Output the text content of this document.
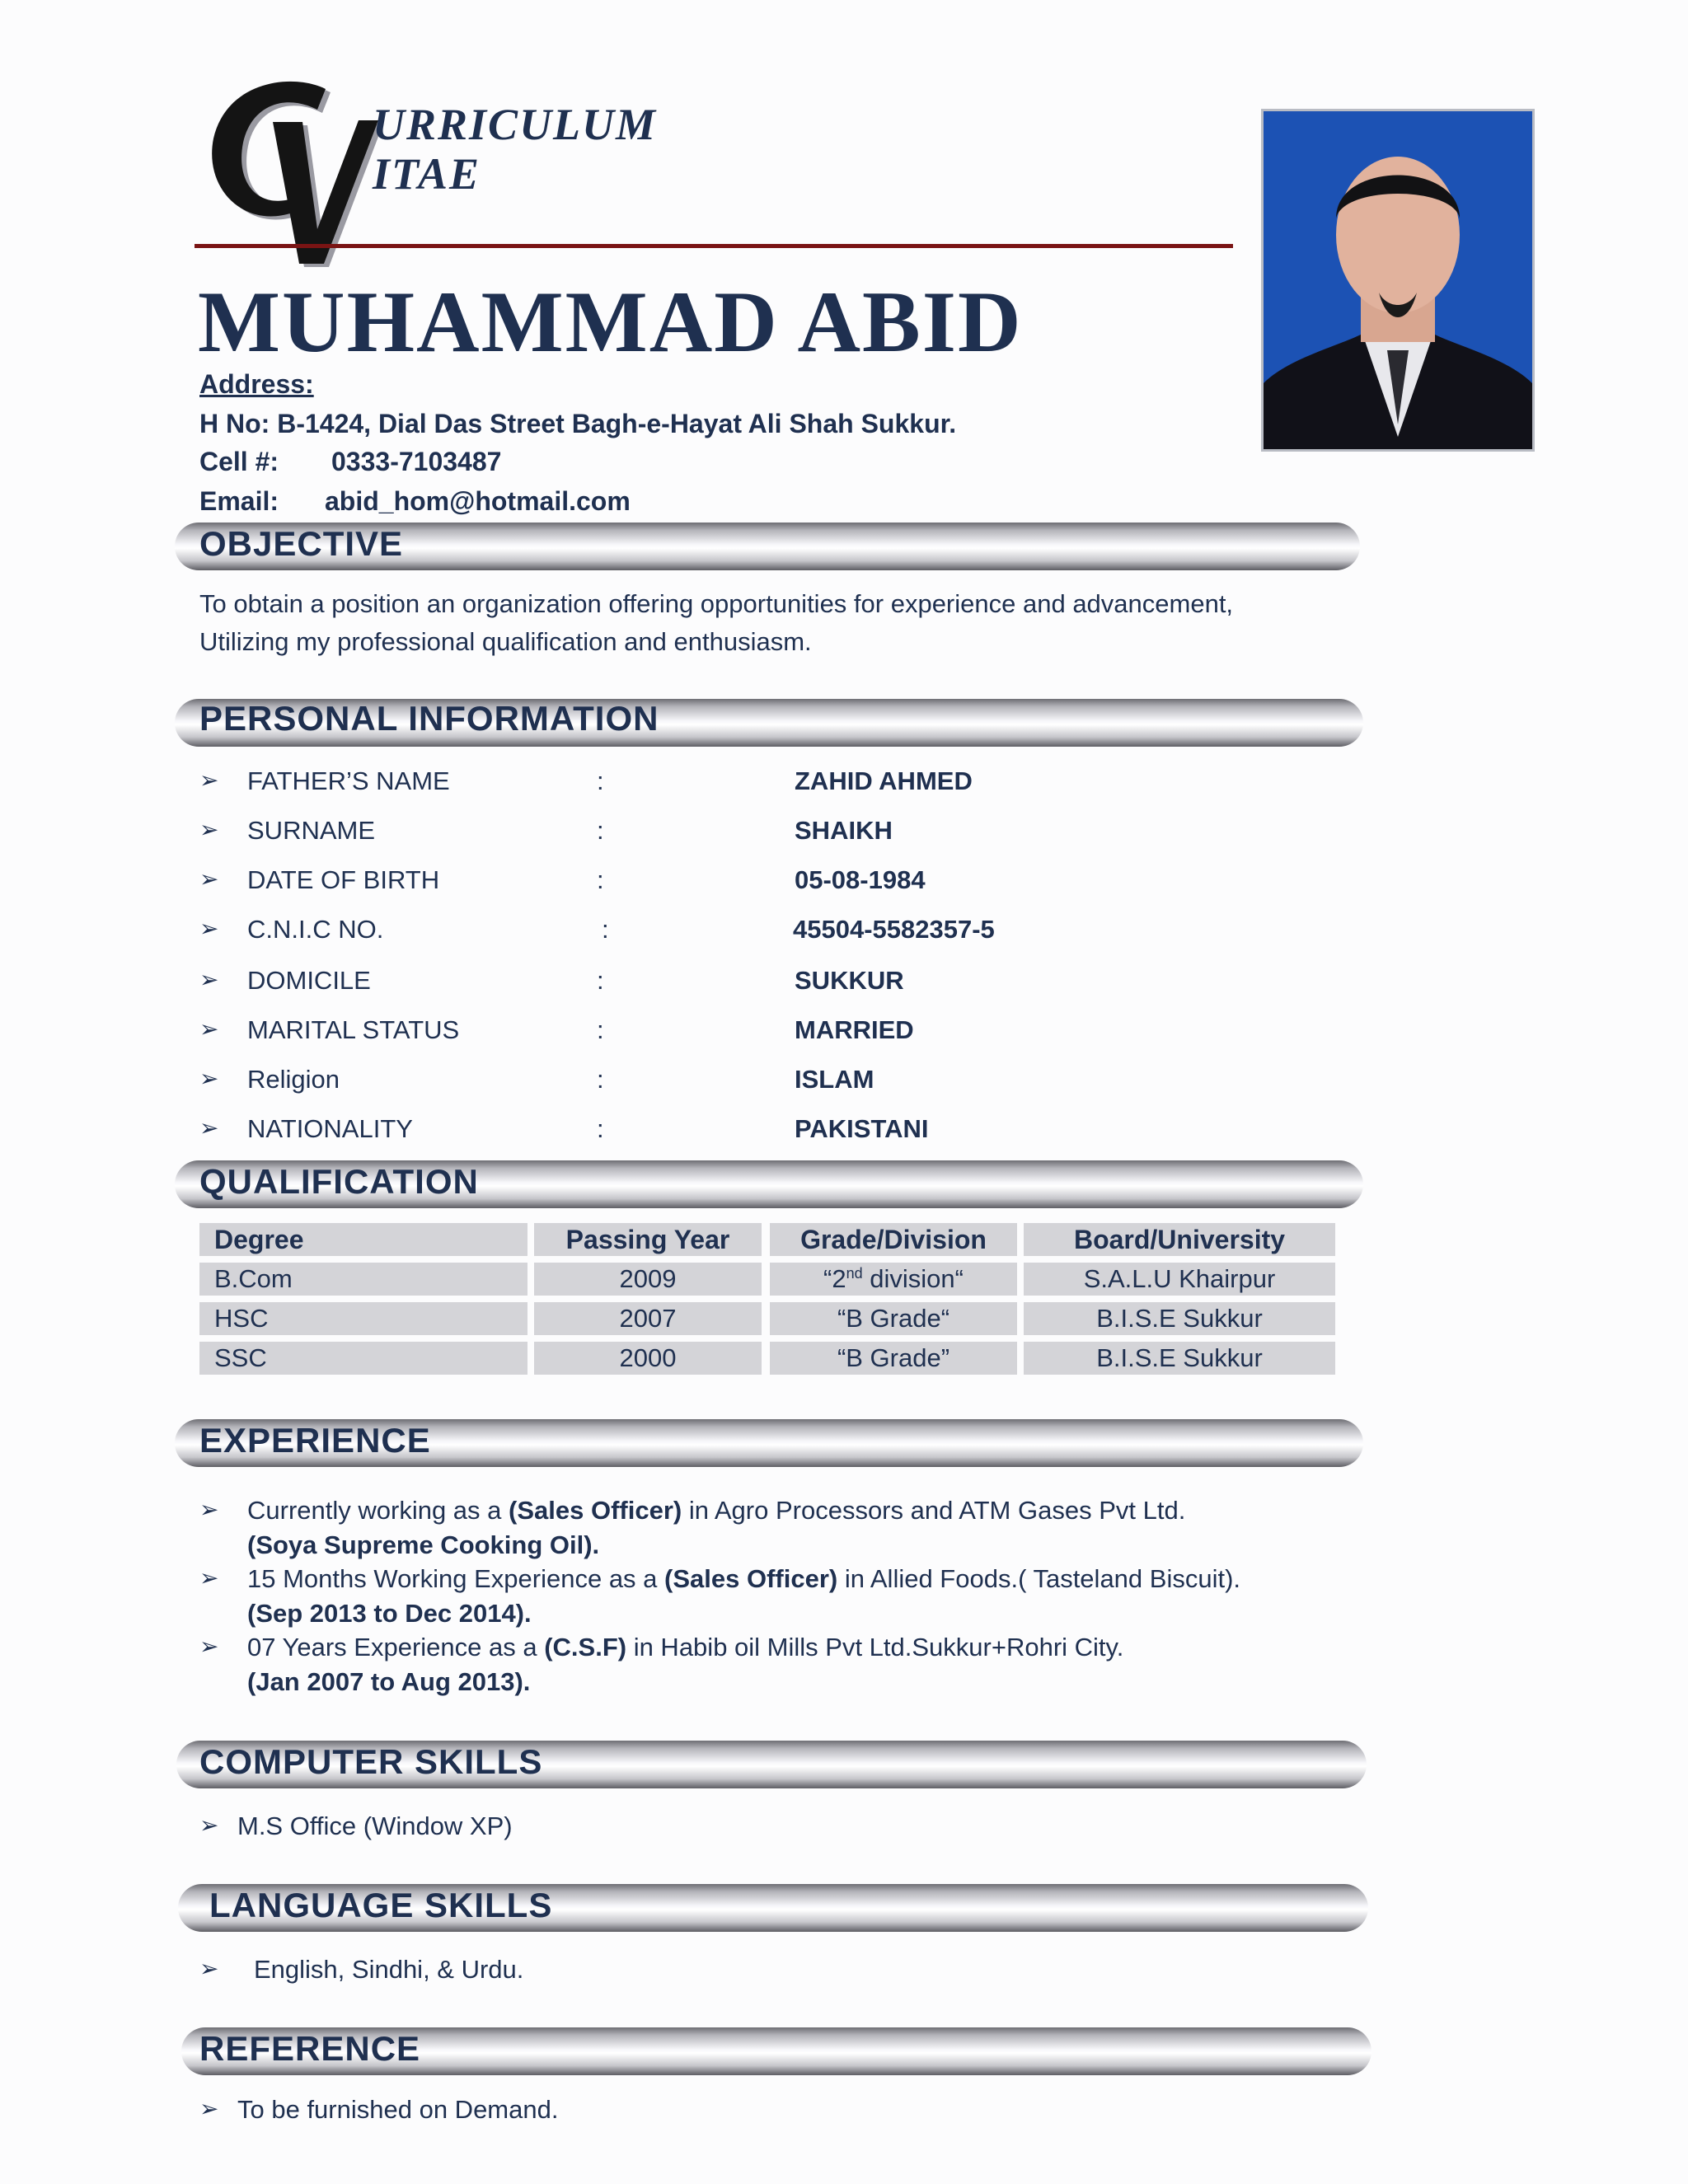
URRICULUM
ITAE
MUHAMMAD ABID
Address:
H No: B-1424, Dial Das Street Bagh-e-Hayat Ali Shah Sukkur.
Cell #: 0333-7103487
Email: abid_hom@hotmail.com
OBJECTIVE
To obtain a position an organization offering opportunities for experience and advancement,
Utilizing my professional qualification and enthusiasm.
PERSONAL INFORMATION
➢ FATHER’S NAME	:	ZAHID AHMED
➢ SURNAME	:	SHAIKH
➢ DATE OF BIRTH	:	05-08-1984
➢ C.N.I.C NO.	:	45504-5582357-5
➢ DOMICILE	:	SUKKUR
➢ MARITAL STATUS	:	MARRIED
➢ Religion	:	ISLAM
➢ NATIONALITY	:	PAKISTANI
QUALIFICATION
Degree	Passing Year	Grade/Division	Board/University
B.Com	2009	“2nd division“	S.A.L.U Khairpur
HSC	2007	“B Grade“	B.I.S.E Sukkur
SSC	2000	“B Grade”	B.I.S.E Sukkur
EXPERIENCE
➢ Currently working as a (Sales Officer) in Agro Processors and ATM Gases Pvt Ltd.
(Soya Supreme Cooking Oil).
➢ 15 Months Working Experience as a (Sales Officer) in Allied Foods.( Tasteland Biscuit).
(Sep 2013 to Dec 2014).
➢ 07 Years Experience as a (C.S.F) in Habib oil Mills Pvt Ltd.Sukkur+Rohri City.
(Jan 2007 to Aug 2013).
COMPUTER SKILLS
➢ M.S Office (Window XP)
LANGUAGE SKILLS
➢ English, Sindhi, & Urdu.
REFERENCE
➢ To be furnished on Demand.
